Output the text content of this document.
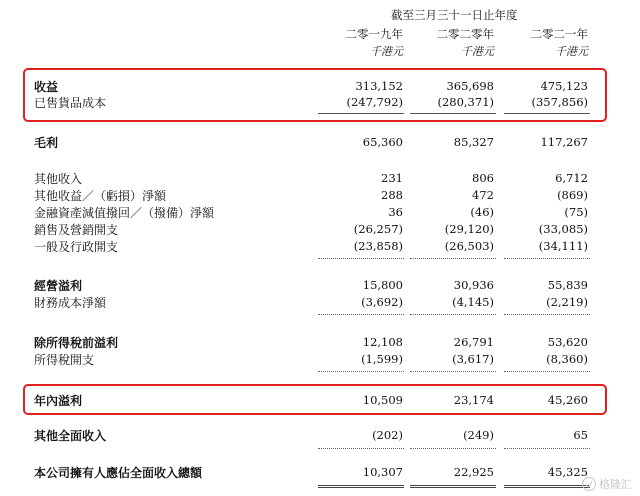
截至三月三十一日止年度
二零一九年	二零二零年	二零二一年
千港元	千港元	千港元
收益	313,152	365,698	475,123
已售貨品成本	(247,792)	(280,371)	(357,856)
毛利	65,360	85,327	117,267
其他收入	231	806	6,712
其他收益／（虧損）淨額	288	472	(869)
金融資產減值撥回／（撥備）淨額	36	(46)	(75)
銷售及營銷開支	(26,257)	(29,120)	(33,085)
一般及行政開支	(23,858)	(26,503)	(34,111)
經營溢利	15,800	30,936	55,839
財務成本淨額	(3,692)	(4,145)	(2,219)
除所得稅前溢利	12,108	26,791	53,620
所得稅開支	(1,599)	(3,617)	(8,360)
年內溢利	10,509	23,174	45,260
其他全面收入	(202)	(249)	65
本公司擁有人應佔全面收入總額	10,307	22,925	45,325
格隆汇
